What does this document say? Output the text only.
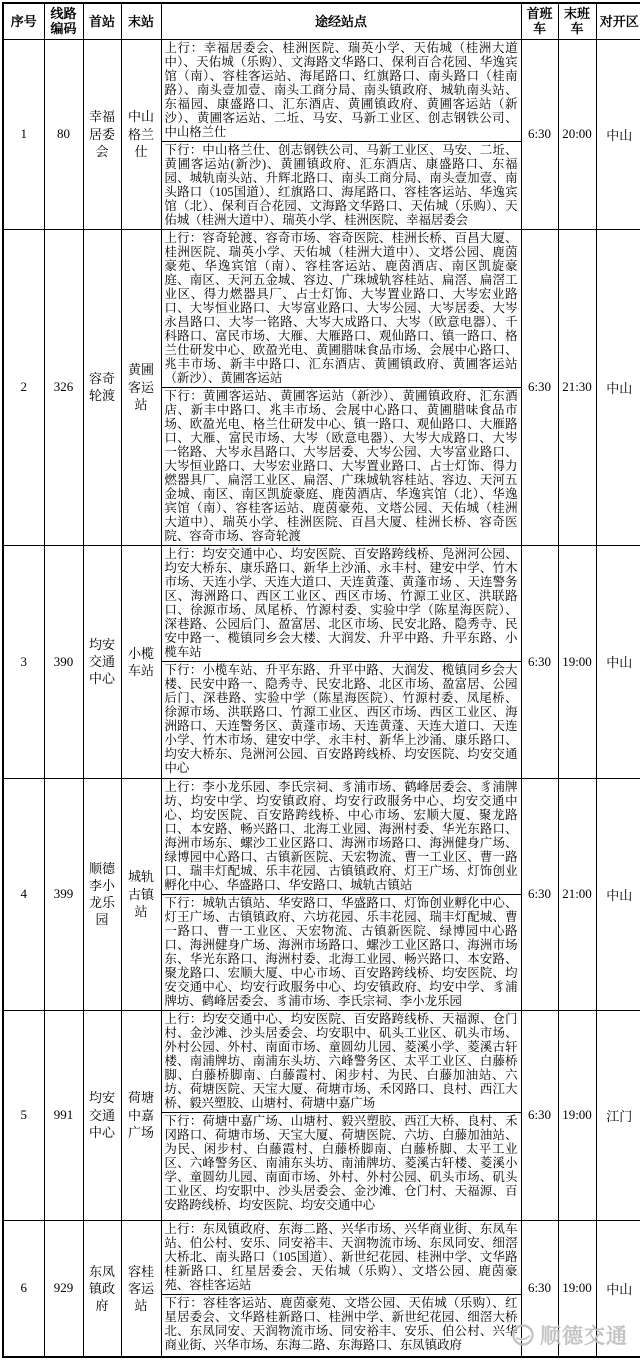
序号	线路编码	首站	末站	途经站点	首班车	末班车	对开区
1	80	幸福居委会	中山格兰仕	上行：幸福居委会、桂洲医院、瑞英小学、天佑城（桂洲大道中）、天佑城（乐购）、文海路文华路口、保利百合花园、华逸宾馆（南）、容桂客运站、海尾路口、红旗路口、南头路口（桂南路）、南头壹加壹、南头工商分局、南头镇政府、城轨南头站、东福园、康盛路口、汇东酒店、黄圃镇政府、黄圃客运站（新沙）、黄圃客运站、二坵、马安、马新工业区、创志钢铁公司、中山格兰仕
下行：中山格兰仕、创志钢铁公司、马新工业区、马安、二坵、黄圃客运站(新沙)、黄圃镇政府、汇东酒店、康盛路口、东福园、城轨南头站、升辉北路口、南头工商分局、南头壹加壹、南头路口（105国道）、红旗路口、海尾路口、容桂客运站、华逸宾馆（北）、保利百合花园、文海路文华路口、天佑城（乐购）、天佑城（桂洲大道中）、瑞英小学、桂洲医院、幸福居委会	6:30	20:00	中山
2	326	容奇轮渡	黄圃客运站	上行：容奇轮渡、容奇市场、容奇医院、桂洲长桥、百昌大厦、桂洲医院、瑞英小学、天佑城（桂洲大道中）、文塔公园、鹿茵豪苑、华逸宾馆（南）、容桂客运站、鹿茵酒店、南区凯旋豪庭、南区、天河五金城、容边、广珠城轨容桂站、扁滘、扁滘工业区、得力燃器具厂、占士灯饰、大岑置业路口、大岑宏业路口、大岑恒业路口、大岑富业路口、大岑公园、大岑居委、大岑永昌路口、大岑一铭路、大岑大成路口、大岑（欧意电器）、千科路口、富民市场、大雁、大雁路口、观仙路口、镇一路口、格兰仕研发中心、欧盈光电、黄圃腊味食品市场、会展中心路口、兆丰市场、新丰中路口、汇东酒店、黄圃镇政府、黄圃客运站（新沙）、黄圃客运站
下行：黄圃客运站、黄圃客运站（新沙）、黄圃镇政府、汇东酒店、新丰中路口、兆丰市场、会展中心路口、黄圃腊味食品市场、欧盈光电、格兰仕研发中心、镇一路口、观仙路口、大雁路口、大雁、富民市场、大岑（欧意电器）、大岑大成路口、大岑一铭路、大岑永昌路口、大岑居委、大岑公园、大岑富业路口、大岑恒业路口、大岑宏业路口、大岑置业路口、占士灯饰、得力燃器具厂、扁滘工业区、扁滘、广珠城轨容桂站、容边、天河五金城、南区、南区凯旋豪庭、鹿茵酒店、华逸宾馆（北）、华逸宾馆（南）、容桂客运站、鹿茵豪苑、文塔公园、天佑城（桂洲大道中）、瑞英小学、桂洲医院、百昌大厦、桂洲长桥、容奇医院、容奇市场、容奇轮渡	6:30	21:30	中山
3	390	均安交通中心	小榄车站	上行：均安交通中心、均安医院、百安路跨线桥、凫洲河公园、均安大桥东、康乐路口、新华上沙涌、永丰村、建安中学、竹木市场、天连小学、天连大道口、天连黄蓬、黄蓬市场 、天连警务区、海洲路口、西区工业区、西区市场、竹源工业区、洪联路口、徐源市场、凤尾桥、竹源村委、实验中学（陈星海医院）、深巷路、公园后门、盈富居、北区市场、民安北路、隐秀寺、民安中路一、榄镇同乡会大楼、大润发、升平中路、升平东路、小榄车站
下行：小榄车站、升平东路、升平中路、大润发、榄镇同乡会大楼、民安中路一、隐秀寺、民安北路、北区市场、盈富居、公园后门、深巷路、实验中学（陈星海医院）、竹源村委、凤尾桥、徐源市场、洪联路口、竹源工业区、西区市场、西区工业区、海洲路口、天连警务区、黄蓬市场、天连黄蓬、天连大道口、天连小学、竹木市场、建安中学、永丰村、新华上沙涌、康乐路口、均安大桥东、凫洲河公园、百安路跨线桥、均安医院、均安交通中心	6:30	19:00	中山
4	399	顺德李小龙乐园	城轨古镇站	上行：李小龙乐园、李氏宗祠、豸浦市场、鹤峰居委会、豸浦牌坊、均安中学、均安镇政府、均安行政服务中心、均安交通中心、均安医院、百安路跨线桥、中心市场、宏顺大厦、聚龙路口、本安路、畅兴路口、北海工业园、海洲村委、华光东路口、海洲市场东、螺沙工业区路口、海洲市场路口、海洲健身广场、绿博园中心路口、古镇新医院、天宏物流、曹一工业区、曹一路口、瑞丰灯配城、乐丰花园、古镇镇政府、灯王广场、灯饰创业孵化中心、华盛路口、华安路口、城轨古镇站
下行：城轨古镇站、华安路口、华盛路口、灯饰创业孵化中心、灯王广场、古镇镇政府、六坊花园、乐丰花园、瑞丰灯配城、曹一路口、曹一工业区、天宏物流、古镇新医院、绿博园中心路口、海洲健身广场、海洲市场路口、螺沙工业区路口、海洲市场东、华光东路口、海洲村委、北海工业园、畅兴路口、本安路、聚龙路口、宏顺大厦、中心市场、百安路跨线桥、均安医院、均安交通中心、均安行政服务中心、均安镇政府、均安中学、豸浦牌坊、鹤峰居委会、豸浦市场、李氏宗祠、李小龙乐园	6:30	21:00	中山
5	991	均安交通中心	荷塘中嘉广场	上行：均安交通中心、均安医院、百安路跨线桥、天福源、仓门村、金沙滩、沙头居委会、均安职中、矶头工业区、矶头市场、外村公园、外村、南面市场、童圆幼儿园、菱溪小学、菱溪古轩楼、南浦牌坊、南浦东头坊、六峰警务区、太平工业区、白藤桥脚、白藤桥脚南、白藤霞村、闲步村、为民、白藤加油站、六坊、荷塘医院、天宝大厦、荷塘市场、禾冈路口、良村、西江大桥、毅兴塑胶、山塘村、荷塘中嘉广场
下行：荷塘中嘉广场、山塘村、毅兴塑胶、西江大桥、良村、禾冈路口、荷塘市场、天宝大厦、荷塘医院、六坊、白藤加油站、为民、闲步村、白藤霞村、白藤桥脚南、白藤桥脚、太平工业区、六峰警务区、南浦东头坊、南浦牌坊、菱溪古轩楼、菱溪小学、童圆幼儿园、南面市场、外村、外村公园、矶头市场、矶头工业区、均安职中、沙头居委会、金沙滩、仓门村、天福源、百安路跨线桥、均安医院、均安交通中心	6:30	19:00	江门
6	929	东凤镇政府	容桂客运站	上行：东凤镇政府、东海二路、兴华市场、兴华商业街、东凤车站、伯公村、安乐、同安裕丰、天润物流市场、东凤同安、细滘大桥北、南头路口（105国道）、新世纪花园、桂洲中学、文华路桂新路口、红星居委会、天佑城（乐购）、文塔公园、鹿茵豪苑、容桂客运站
下行：容桂客运站、鹿茵豪苑、文塔公园、天佑城（乐购）、红星居委会、文华路桂新路口、桂洲中学、新世纪花园、细滘大桥北、东凤同安、天润物流市场、同安裕丰、安乐、伯公村、兴华商业街、兴华市场、东海二路、东海路口、东凤镇政府	6:30	19:00	中山
顺德交通
